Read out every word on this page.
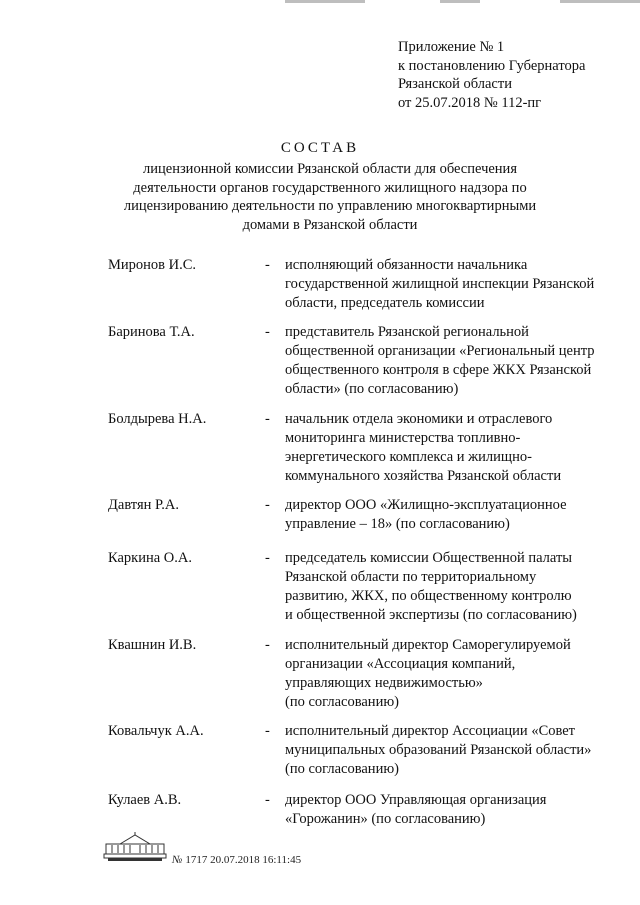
Приложение № 1
к постановлению Губернатора
Рязанской области
от 25.07.2018 № 112-пг
СОСТАВ
лицензионной комиссии Рязанской области для обеспечения
деятельности органов государственного жилищного надзора по
лицензированию деятельности по управлению многоквартирными
домами в Рязанской области
Миронов И.С.	- исполняющий обязанности начальника
государственной жилищной инспекции Рязанской
области, председатель комиссии
Баринова Т.А.	- представитель Рязанской региональной
общественной организации «Региональный центр
общественного контроля в сфере ЖКХ Рязанской
области» (по согласованию)
Болдырева Н.А.	- начальник отдела экономики и отраслевого
мониторинга министерства топливно-
энергетического комплекса и жилищно-
коммунального хозяйства Рязанской области
Давтян Р.А.	- директор ООО «Жилищно-эксплуатационное
управление – 18» (по согласованию)
Каркина О.А.	- председатель комиссии Общественной палаты
Рязанской области по территориальному
развитию, ЖКХ, по общественному контролю
и общественной экспертизы (по согласованию)
Квашнин И.В.	- исполнительный директор Саморегулируемой
организации «Ассоциация компаний,
управляющих недвижимостью»
(по согласованию)
Ковальчук А.А.	- исполнительный директор Ассоциации «Совет
муниципальных образований Рязанской области»
(по согласованию)
Кулаев А.В.	- директор ООО Управляющая организация
«Горожанин» (по согласованию)
№ 1717 20.07.2018 16:11:45
